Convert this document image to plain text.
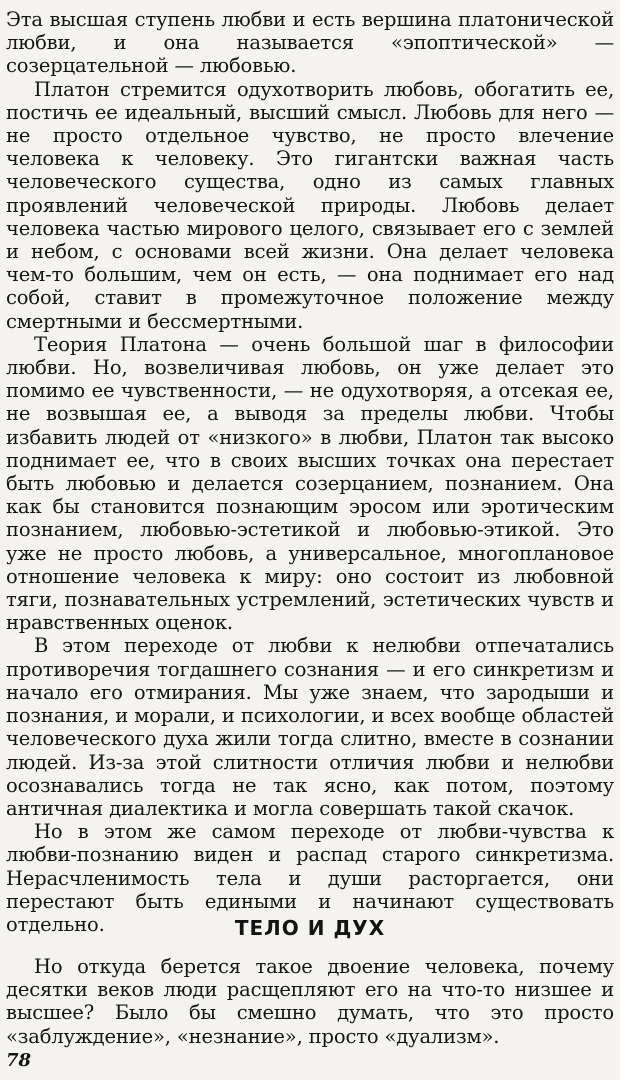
Эта высшая ступень любви и есть вершина платонической любви, и она называется «эпоптической» — созерцательной — любовью.

Платон стремится одухотворить любовь, обогатить ее, постичь ее идеальный, высший смысл. Любовь для него — не просто отдельное чувство, не просто влечение человека к человеку. Это гигантски важная часть человеческого существа, одно из самых главных проявлений человеческой природы. Любовь делает человека частью мирового целого, связывает его с землей и небом, с основами всей жизни. Она делает человека чем-то большим, чем он есть, — она поднимает его над собой, ставит в промежуточное положение между смертными и бессмертными.

Теория Платона — очень большой шаг в философии любви. Но, возвеличивая любовь, он уже делает это помимо ее чувственности, — не одухотворяя, а отсекая ее, не возвышая ее, а выводя за пределы любви. Чтобы избавить людей от «низкого» в любви, Платон так высоко поднимает ее, что в своих высших точках она перестает быть любовью и делается созерцанием, познанием. Она как бы становится познающим эросом или эротическим познанием, любовью-эстетикой и любовью-этикой. Это уже не просто любовь, а универсальное, многоплановое отношение человека к миру: оно состоит из любовной тяги, познавательных устремлений, эстетических чувств и нравственных оценок.

В этом переходе от любви к нелюбви отпечатались противоречия тогдашнего сознания — и его синкретизм и начало его отмирания. Мы уже знаем, что зародыши и познания, и морали, и психологии, и всех вообще областей человеческого духа жили тогда слитно, вместе в сознании людей. Из-за этой слитности отличия любви и нелюбви осознавались тогда не так ясно, как потом, поэтому античная диалектика и могла совершать такой скачок.

Но в этом же самом переходе от любви-чувства к любви-познанию виден и распад старого синкретизма. Нерасчленимость тела и души расторгается, они перестают быть едиными и начинают существовать отдельно.	ТЕЛО И ДУХ

Но откуда берется такое двоение человека, почему десятки веков люди расщепляют его на что-то низшее и высшее? Было бы смешно думать, что это просто «заблуждение», «незнание», просто «дуализм».

78
